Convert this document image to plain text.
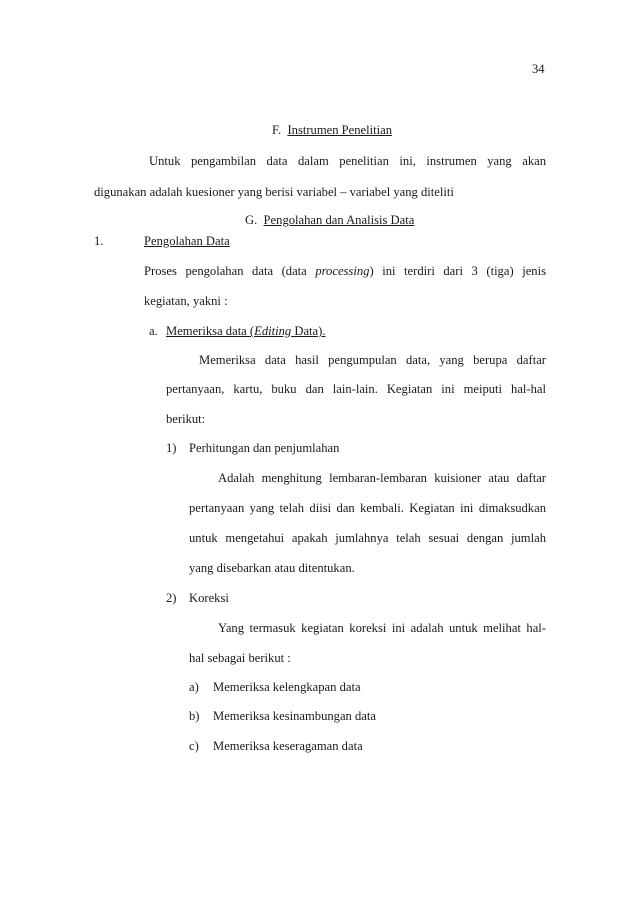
34
F. Instrumen Penelitian
Untuk pengambilan data dalam penelitian ini, instrumen yang akan
digunakan adalah kuesioner yang berisi variabel – variabel yang diteliti
G. Pengolahan dan Analisis Data
1.	Pengolahan Data
Proses pengolahan data (data processing) ini terdiri dari 3 (tiga) jenis
kegiatan, yakni :
a. Memeriksa data (Editing Data).
Memeriksa data hasil pengumpulan data, yang berupa daftar
pertanyaan, kartu, buku dan lain-lain. Kegiatan ini meiputi hal-hal
berikut:
1) Perhitungan dan penjumlahan
Adalah menghitung lembaran-lembaran kuisioner atau daftar
pertanyaan yang telah diisi dan kembali. Kegiatan ini dimaksudkan
untuk mengetahui apakah jumlahnya telah sesuai dengan jumlah
yang disebarkan atau ditentukan.
2) Koreksi
Yang termasuk kegiatan koreksi ini adalah untuk melihat hal-
hal sebagai berikut :
a) Memeriksa kelengkapan data
b) Memeriksa kesinambungan data
c) Memeriksa keseragaman data
